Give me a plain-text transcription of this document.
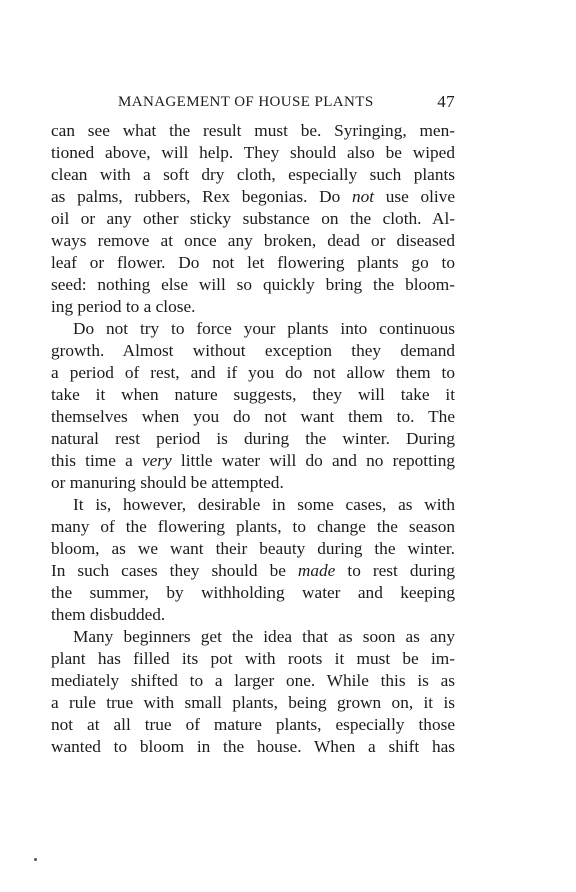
MANAGEMENT OF HOUSE PLANTS	47
can see what the result must be. Syringing, men-
tioned above, will help. They should also be wiped
clean with a soft dry cloth, especially such plants
as palms, rubbers, Rex begonias. Do not use olive
oil or any other sticky substance on the cloth. Al-
ways remove at once any broken, dead or diseased
leaf or flower. Do not let flowering plants go to
seed: nothing else will so quickly bring the bloom-
ing period to a close.
Do not try to force your plants into continuous
growth. Almost without exception they demand
a period of rest, and if you do not allow them to
take it when nature suggests, they will take it
themselves when you do not want them to. The
natural rest period is during the winter. During
this time a very little water will do and no repotting
or manuring should be attempted.
It is, however, desirable in some cases, as with
many of the flowering plants, to change the season
bloom, as we want their beauty during the winter.
In such cases they should be made to rest during
the summer, by withholding water and keeping
them disbudded.
Many beginners get the idea that as soon as any
plant has filled its pot with roots it must be im-
mediately shifted to a larger one. While this is as
a rule true with small plants, being grown on, it is
not at all true of mature plants, especially those
wanted to bloom in the house. When a shift has
